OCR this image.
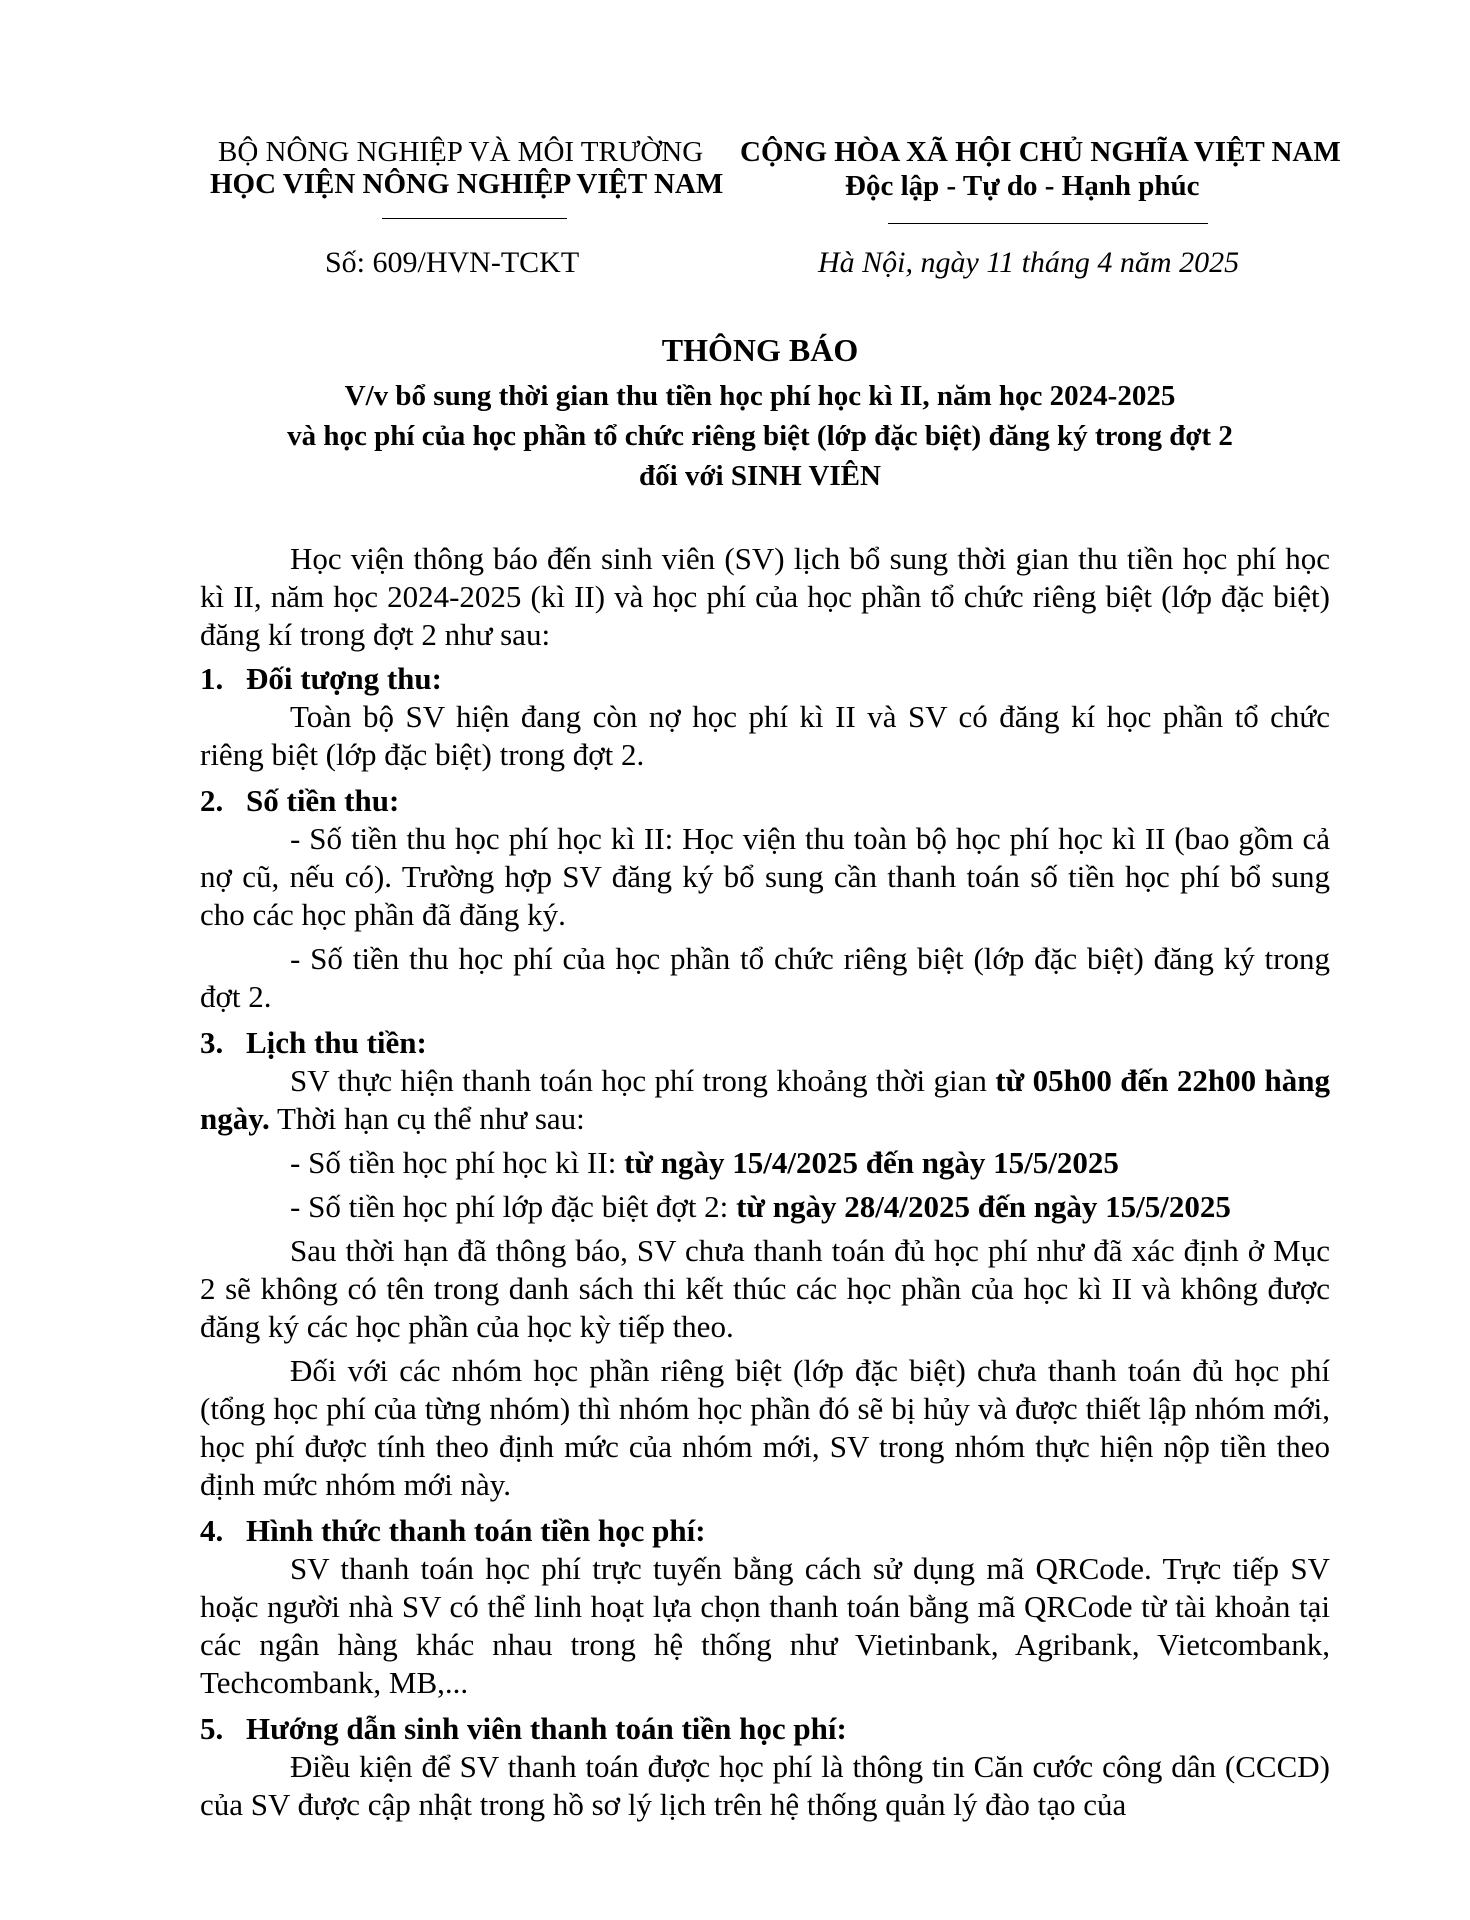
BỘ NÔNG NGHIỆP VÀ MÔI TRƯỜNG
HỌC VIỆN NÔNG NGHIỆP VIỆT NAM
CỘNG HÒA XÃ HỘI CHỦ NGHĨA VIỆT NAM
Độc lập - Tự do - Hạnh phúc
Số: 609/HVN-TCKT	Hà Nội, ngày 11 tháng 4 năm 2025
THÔNG BÁO
V/v bổ sung thời gian thu tiền học phí học kì II, năm học 2024-2025
và học phí của học phần tổ chức riêng biệt (lớp đặc biệt) đăng ký trong đợt 2
đối với SINH VIÊN

Học viện thông báo đến sinh viên (SV) lịch bổ sung thời gian thu tiền học phí học kì II, năm học 2024-2025 (kì II) và học phí của học phần tổ chức riêng biệt (lớp đặc biệt) đăng kí trong đợt 2 như sau:

1. Đối tượng thu:

Toàn bộ SV hiện đang còn nợ học phí kì II và SV có đăng kí học phần tổ chức riêng biệt (lớp đặc biệt) trong đợt 2.

2. Số tiền thu:

- Số tiền thu học phí học kì II: Học viện thu toàn bộ học phí học kì II (bao gồm cả nợ cũ, nếu có). Trường hợp SV đăng ký bổ sung cần thanh toán số tiền học phí bổ sung cho các học phần đã đăng ký.

- Số tiền thu học phí của học phần tổ chức riêng biệt (lớp đặc biệt) đăng ký trong đợt 2.

3. Lịch thu tiền:

SV thực hiện thanh toán học phí trong khoảng thời gian từ 05h00 đến 22h00 hàng ngày. Thời hạn cụ thể như sau:

- Số tiền học phí học kì II: từ ngày 15/4/2025 đến ngày 15/5/2025

- Số tiền học phí lớp đặc biệt đợt 2: từ ngày 28/4/2025 đến ngày 15/5/2025

Sau thời hạn đã thông báo, SV chưa thanh toán đủ học phí như đã xác định ở Mục 2 sẽ không có tên trong danh sách thi kết thúc các học phần của học kì II và không được đăng ký các học phần của học kỳ tiếp theo.

Đối với các nhóm học phần riêng biệt (lớp đặc biệt) chưa thanh toán đủ học phí (tổng học phí của từng nhóm) thì nhóm học phần đó sẽ bị hủy và được thiết lập nhóm mới, học phí được tính theo định mức của nhóm mới, SV trong nhóm thực hiện nộp tiền theo định mức nhóm mới này.

4. Hình thức thanh toán tiền học phí:

SV thanh toán học phí trực tuyến bằng cách sử dụng mã QRCode. Trực tiếp SV hoặc người nhà SV có thể linh hoạt lựa chọn thanh toán bằng mã QRCode từ tài khoản tại các ngân hàng khác nhau trong hệ thống như Vietinbank, Agribank, Vietcombank, Techcombank, MB,...

5. Hướng dẫn sinh viên thanh toán tiền học phí:

Điều kiện để SV thanh toán được học phí là thông tin Căn cước công dân (CCCD) của SV được cập nhật trong hồ sơ lý lịch trên hệ thống quản lý đào tạo của
